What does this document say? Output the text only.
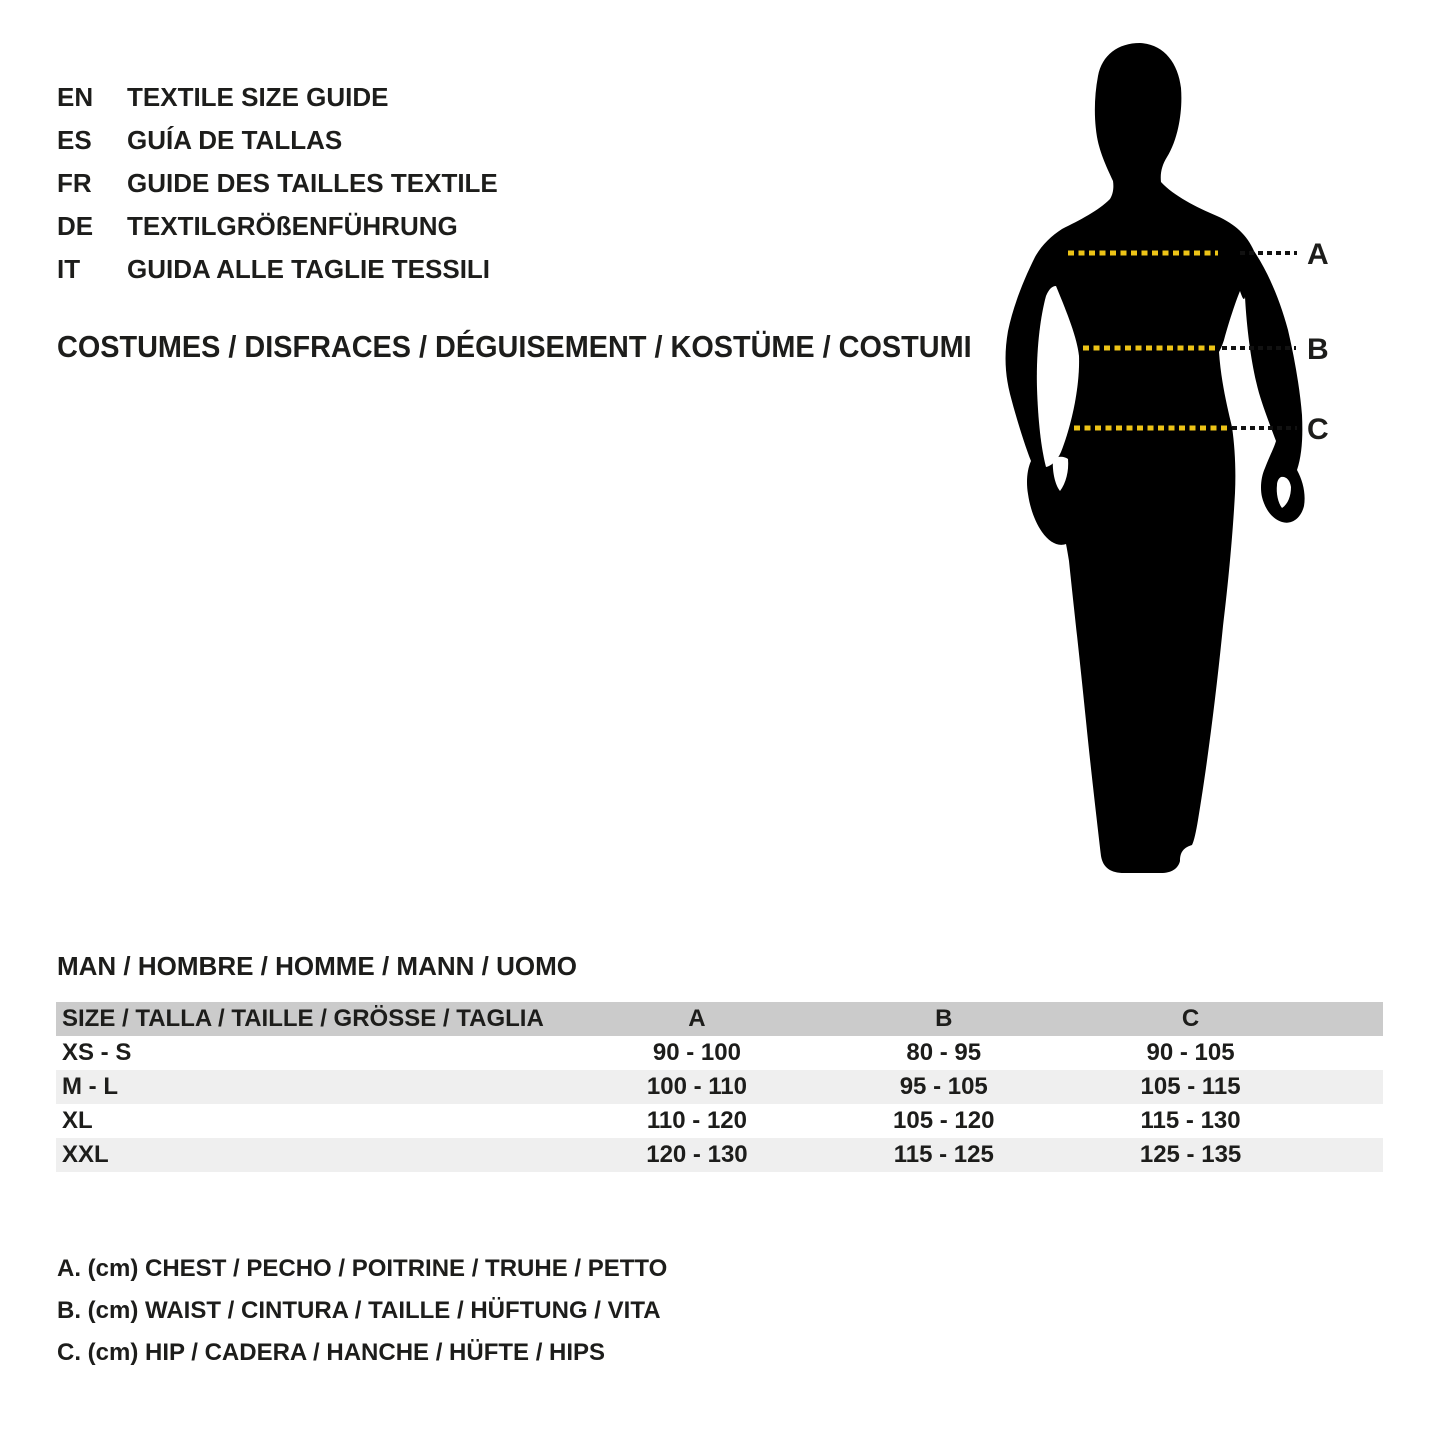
EN	TEXTILE SIZE GUIDE
ES	GUÍA DE TALLAS
FR	GUIDE DES TAILLES TEXTILE
DE	TEXTILGRÖßENFÜHRUNG
IT	GUIDA ALLE TAGLIE TESSILI
COSTUMES / DISFRACES / DÉGUISEMENT / KOSTÜME / COSTUMI
A
B
C
MAN / HOMBRE / HOMME / MANN / UOMO
SIZE / TALLA / TAILLE / GRÖSSE / TAGLIA	A	B	C	
XS - S	90 - 100	80 - 95	90 - 105	
M - L	100 - 110	95 - 105	105 - 115	
XL	110 - 120	105 - 120	115 - 130	
XXL	120 - 130	115 - 125	125 - 135	
A. (cm) CHEST / PECHO / POITRINE / TRUHE / PETTO
B. (cm) WAIST / CINTURA / TAILLE / HÜFTUNG / VITA
C. (cm) HIP / CADERA / HANCHE / HÜFTE / HIPS
